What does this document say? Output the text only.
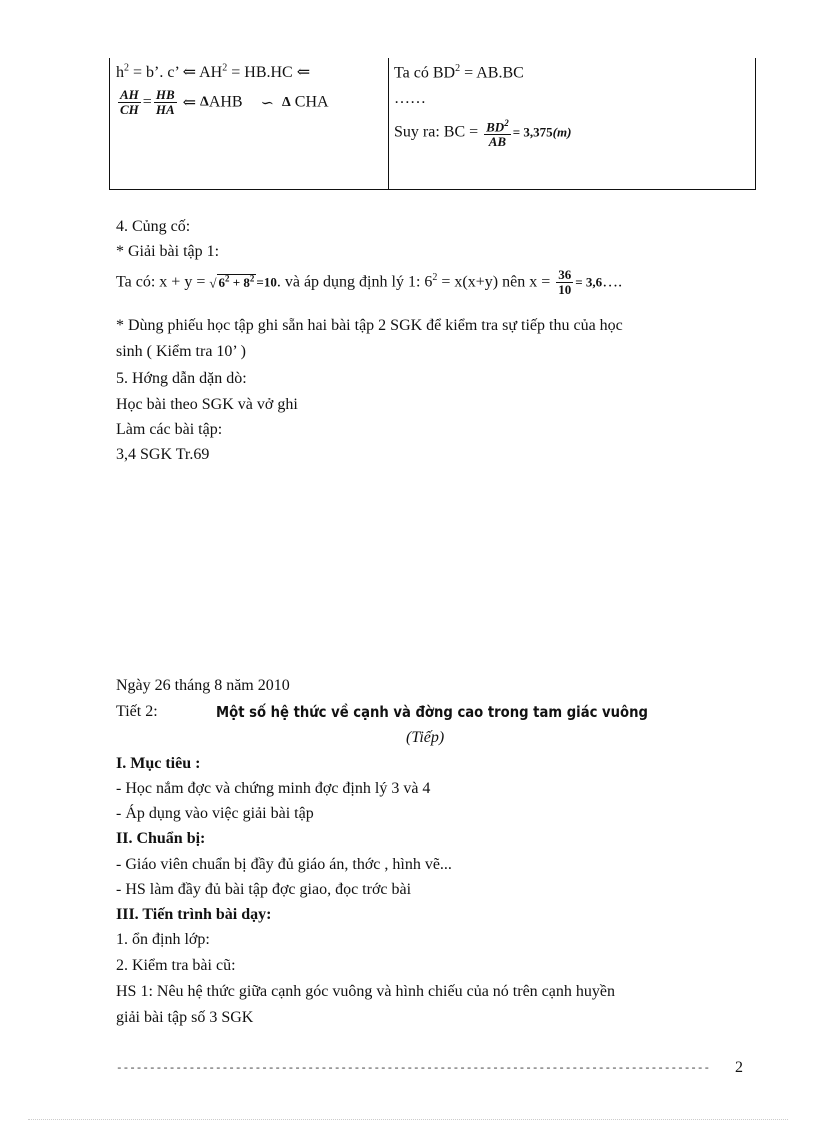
$h^2 = b$’. c’ ⇐ $AH^2 = HB.HC$ ⇐
$\frac{AH}{CH} = \frac{HB}{HA}$ ⇐ ΔAHB ∽ Δ CHA
Ta có $BD^2 = AB.BC$
……
Suy ra: BC = $\frac{BD^2}{AB} = 3,375(m)$
4. Củng cố:
* Giải bài tập 1:
Ta có: x + y = √ $6^2 + 8^2 =10$. và áp dụng định lý 1: $6^2 = x(x+y)$ nên $x = \frac{36}{10}$ = 3,6….
* Dùng phiếu học tập ghi sẵn hai bài tập 2 SGK để kiểm tra sự tiếp thu của học
sinh ( Kiểm tra 10’ )
5. Hớng dẫn dặn dò:
Học bài theo SGK và vở ghi
Làm các bài tập:
3,4 SGK Tr.69
Ngày 26 tháng 8 năm 2010
Tiết 2:	Một số hệ thức về cạnh và đờng cao trong tam giác vuông
(Tiếp)
I. Mục tiêu :
- Học nắm đợc và chứng minh đợc định lý 3 và 4
- Áp dụng vào việc giải bài tập
II. Chuẩn bị:
- Giáo viên chuẩn bị đầy đủ giáo án, thớc , hình vẽ...
- HS làm đầy đủ bài tập đợc giao, đọc trớc bài
III. Tiến trình bài dạy:
1. ổn định lớp:
2. Kiểm tra bài cũ:
HS 1: Nêu hệ thức giữa cạnh góc vuông và hình chiếu của nó trên cạnh huyền
giải bài tập số 3 SGK
------------------------------------------------------------------------------------------ 2
